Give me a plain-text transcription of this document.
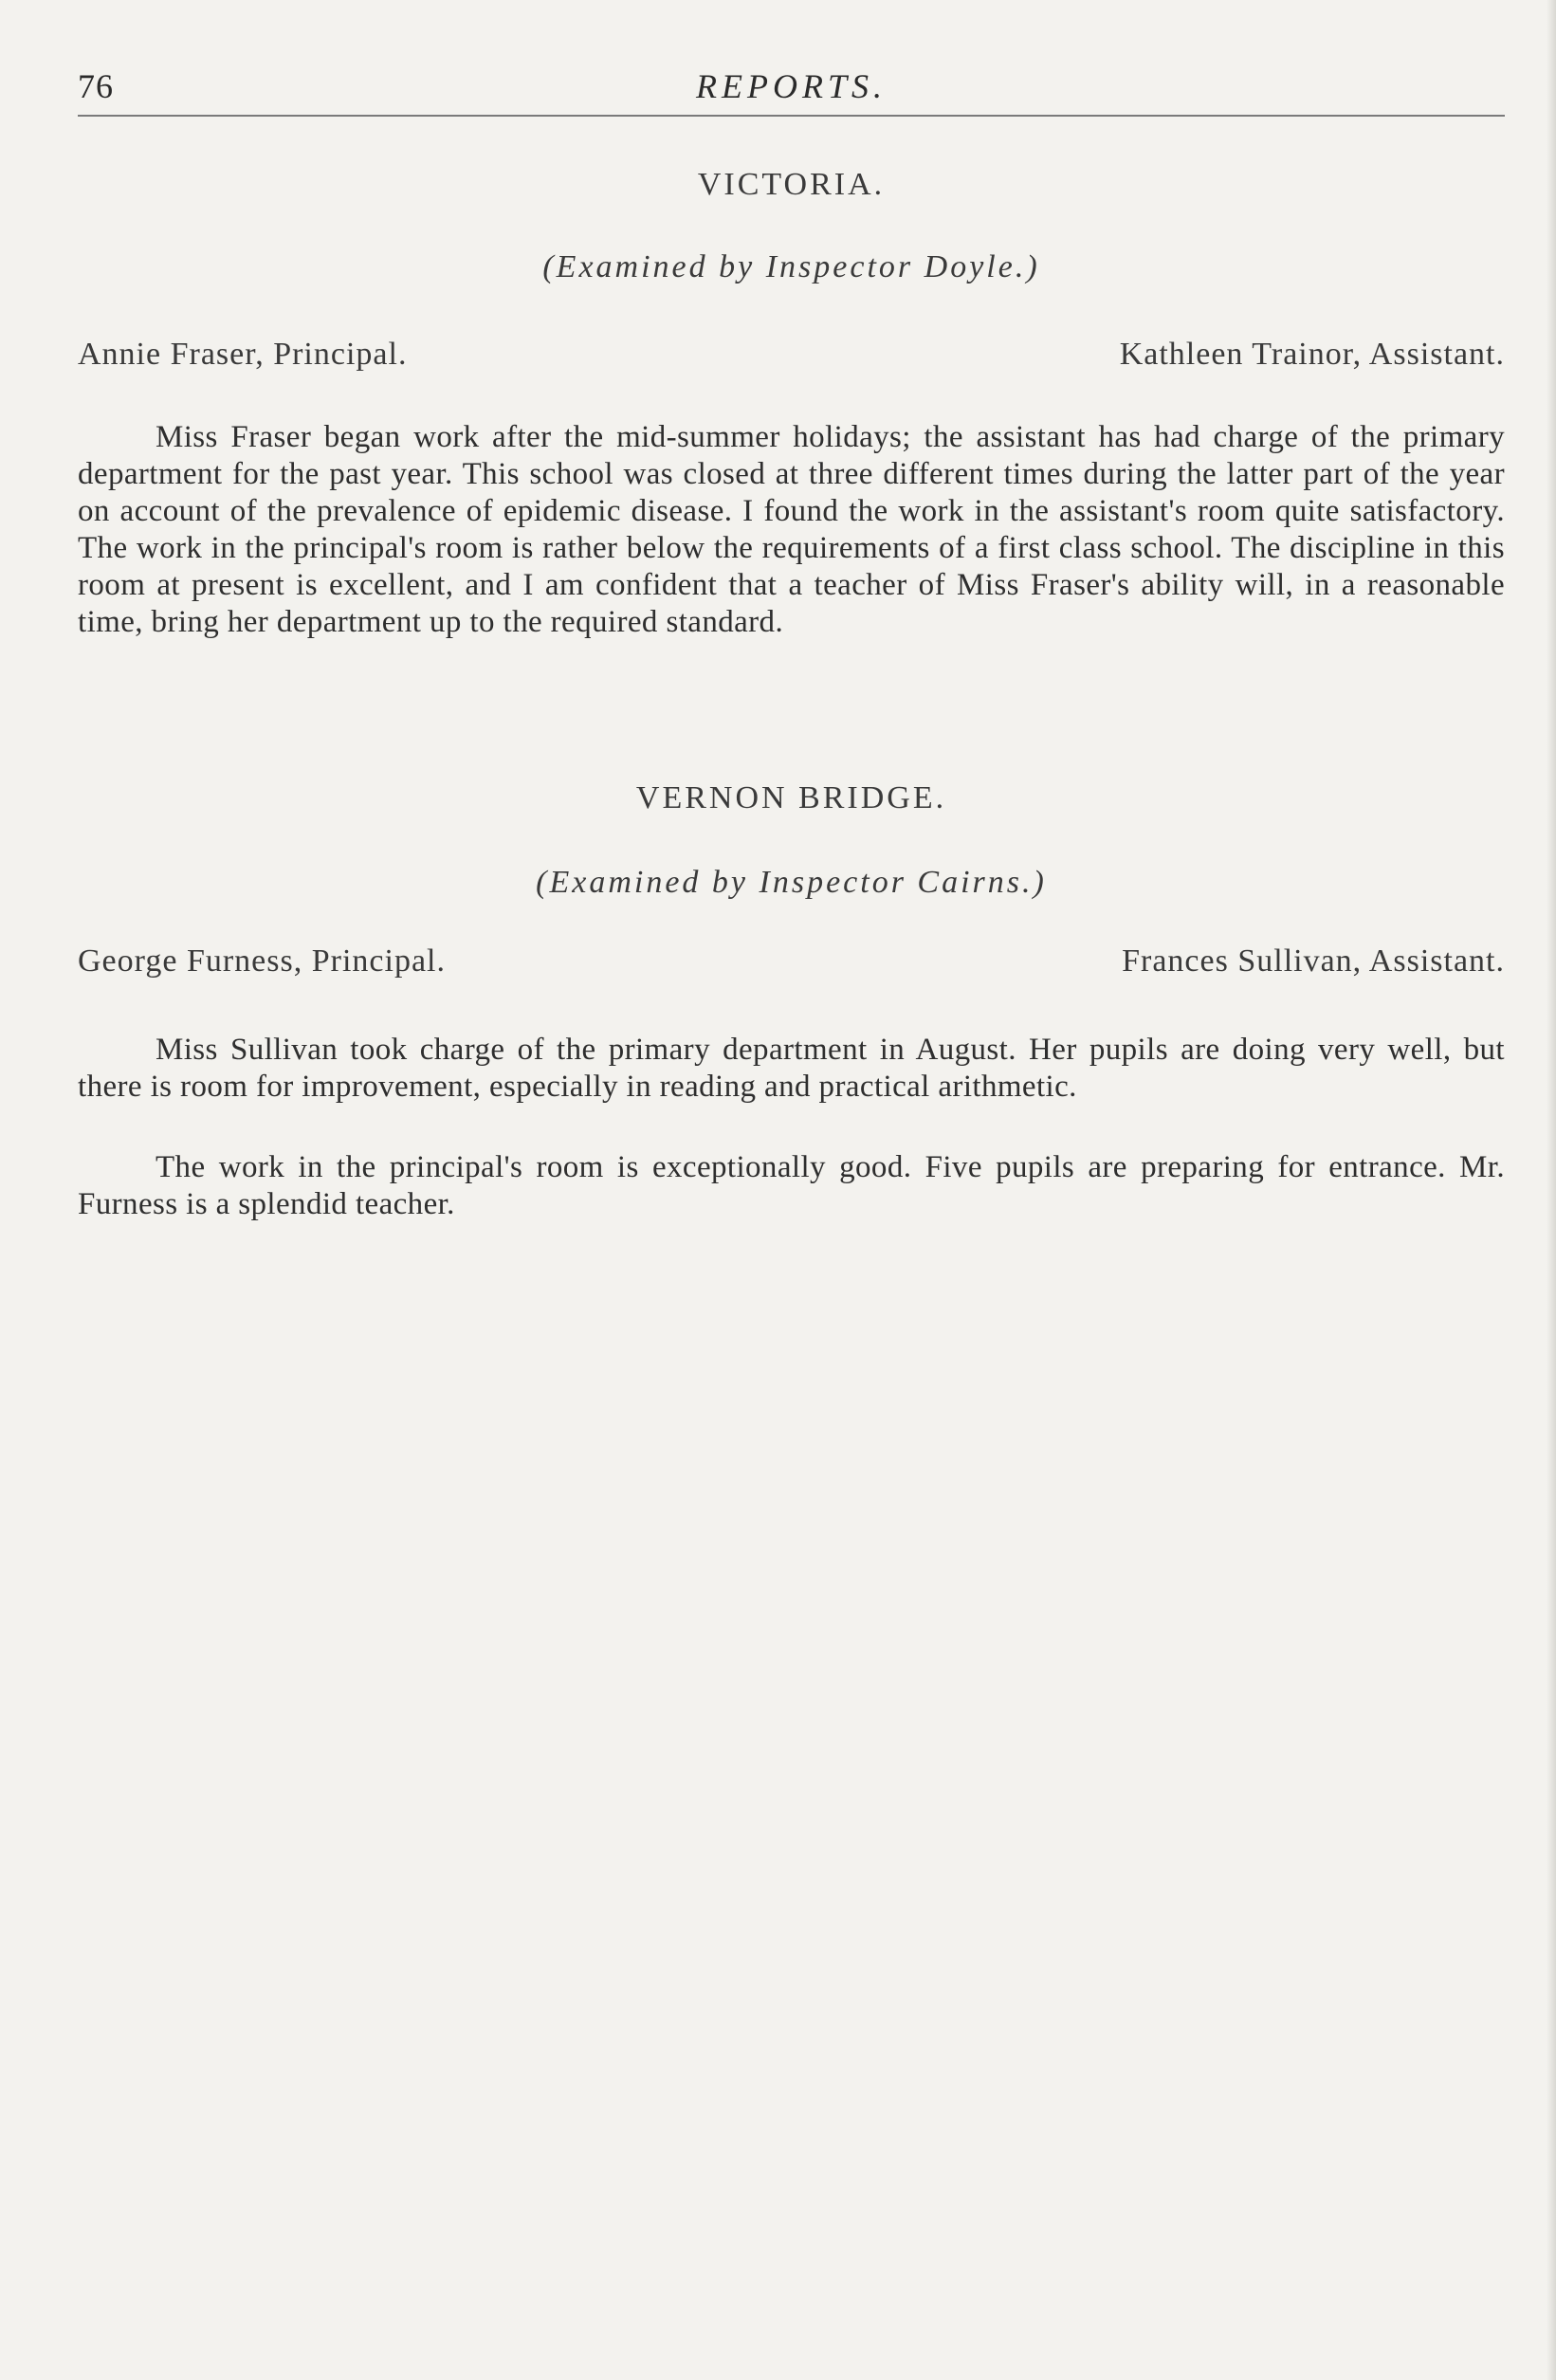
76	REPORTS.
VICTORIA.
(Examined by Inspector Doyle.)
Annie Fraser, Principal.	Kathleen Trainor, Assistant.

Miss Fraser began work after the mid-summer holidays; the assistant has had charge of the primary department for the past year. This school was closed at three different times during the latter part of the year on account of the prevalence of epidemic disease. I found the work in the assistant's room quite satisfactory. The work in the principal's room is rather below the requirements of a first class school. The discipline in this room at present is excellent, and I am confident that a teacher of Miss Fraser's ability will, in a reasonable time, bring her department up to the required standard.

VERNON BRIDGE.
(Examined by Inspector Cairns.)
George Furness, Principal.	Frances Sullivan, Assistant.

Miss Sullivan took charge of the primary department in August. Her pupils are doing very well, but there is room for improvement, especially in reading and practical arithmetic.

The work in the principal's room is exceptionally good. Five pupils are preparing for entrance. Mr. Furness is a splendid teacher.
